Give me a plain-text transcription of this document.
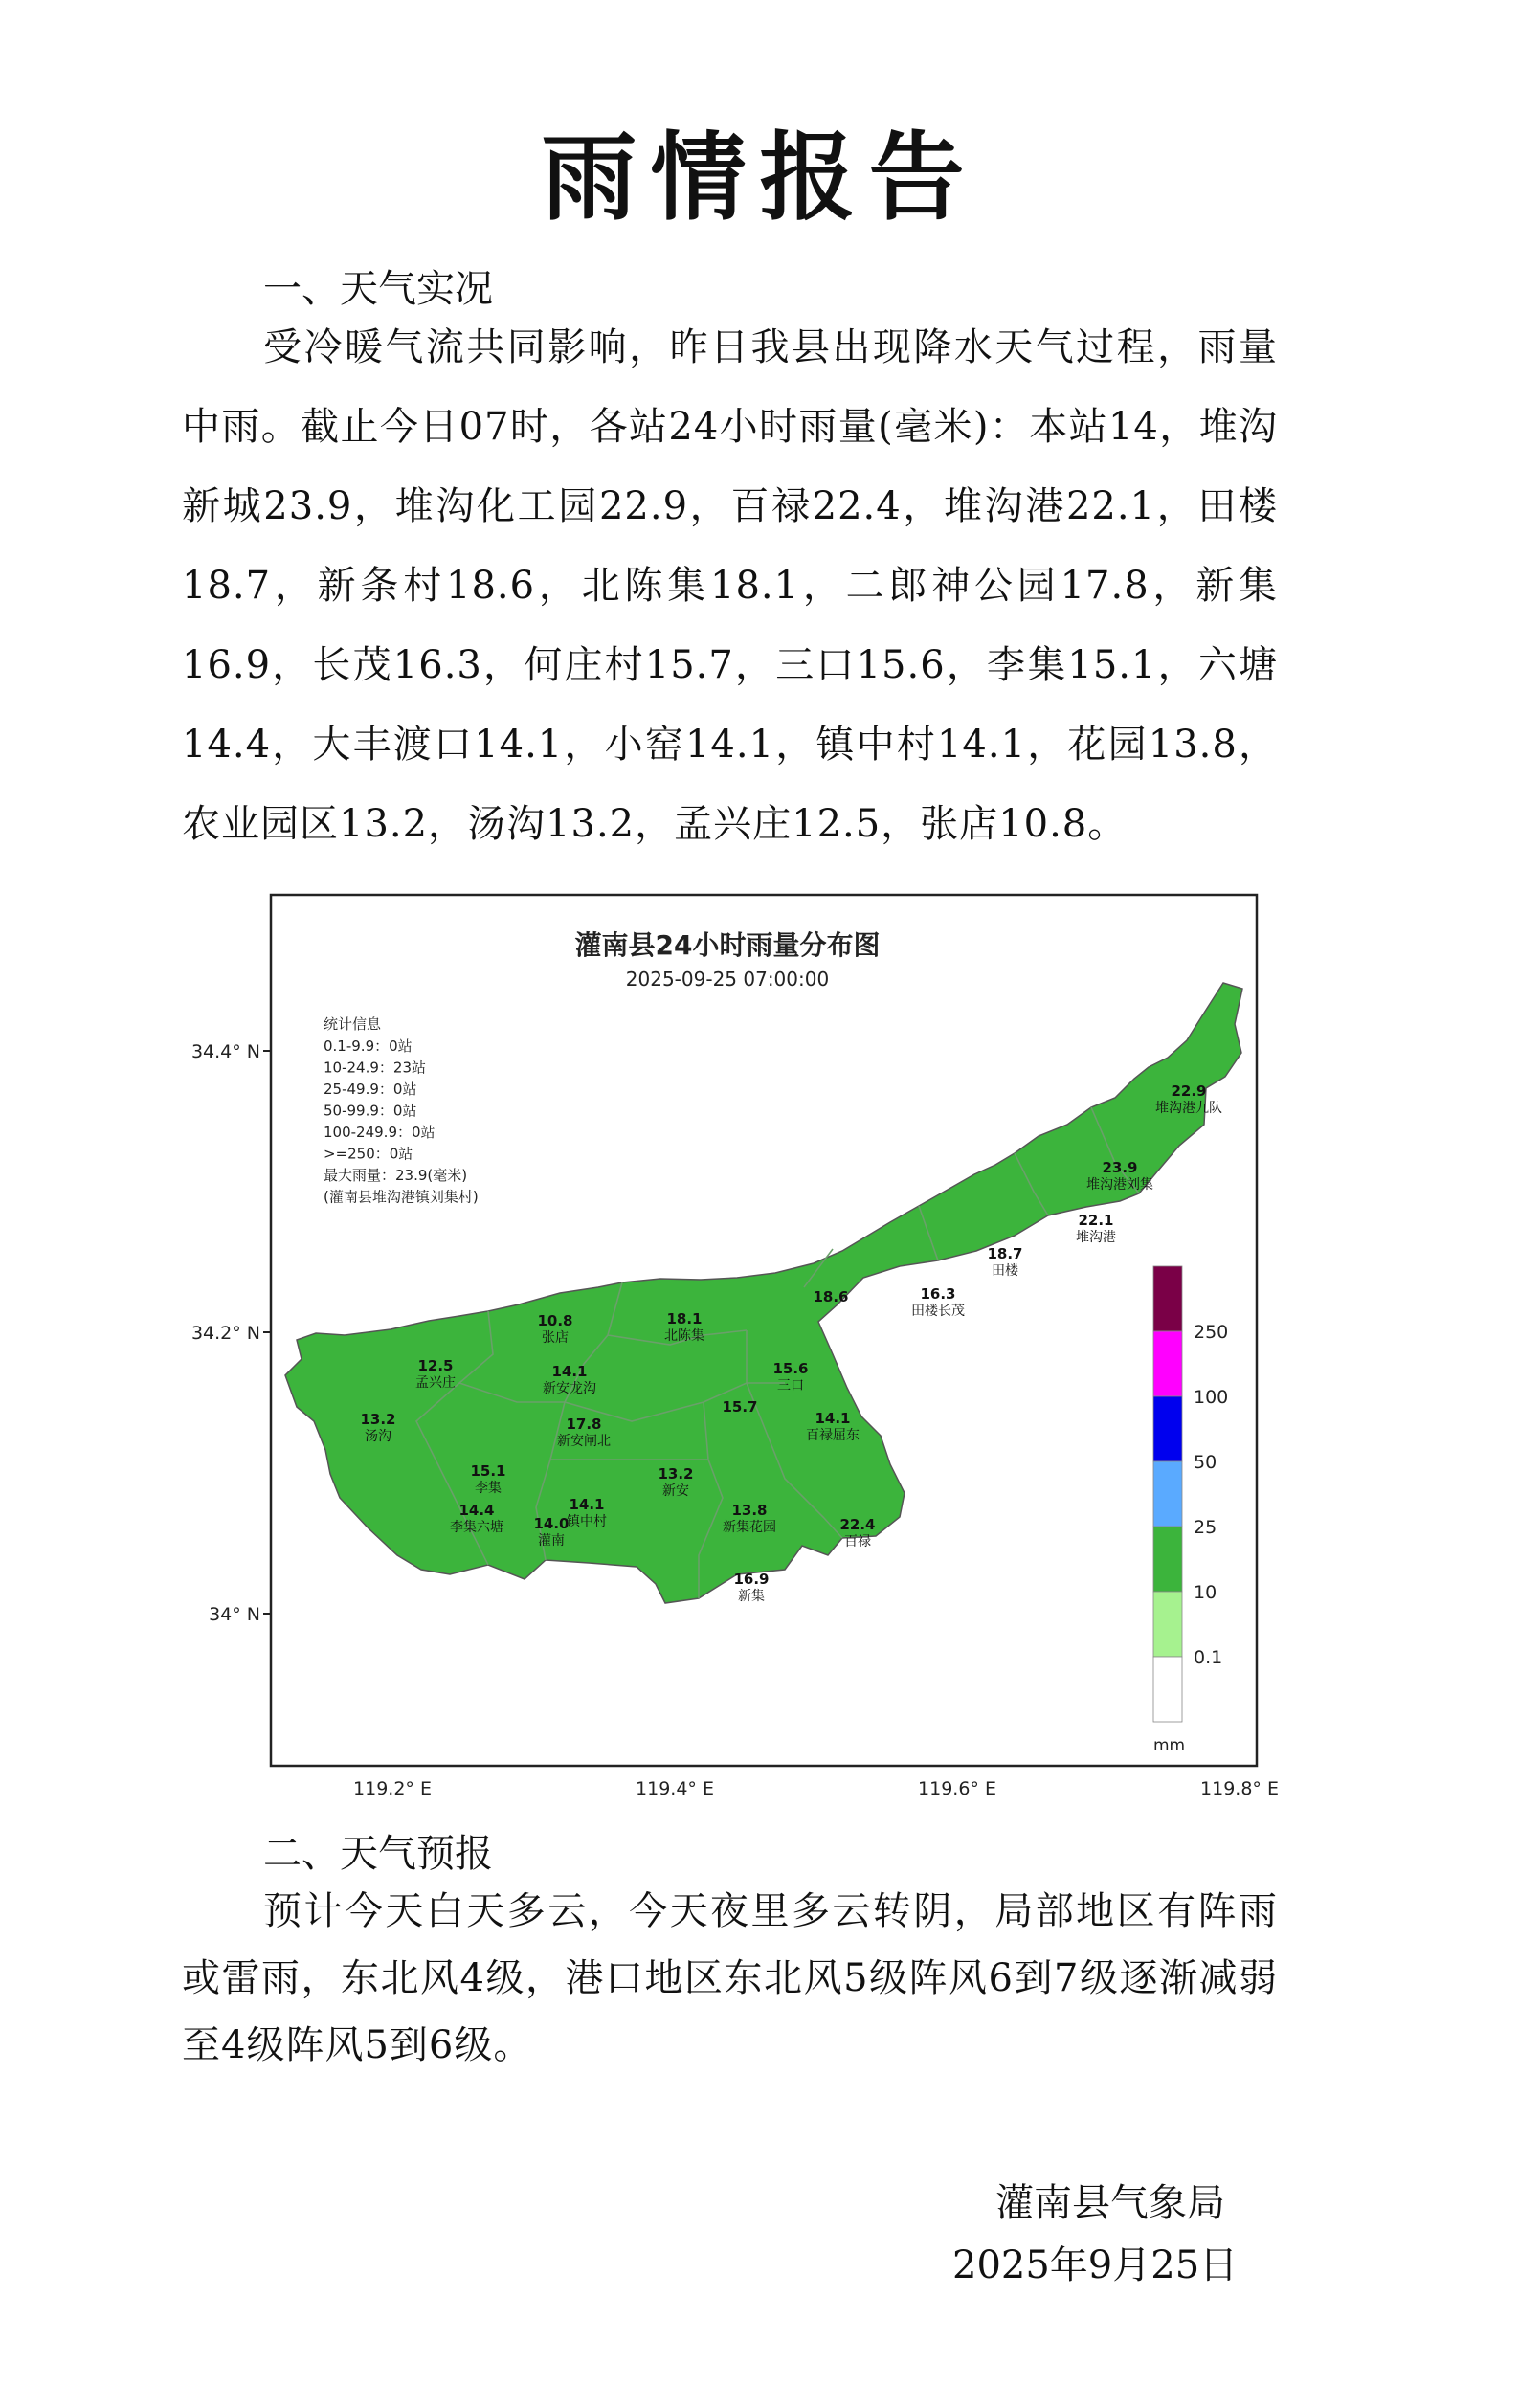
雨情报告
一、天气实况
受冷暖气流共同影响，昨日我县出现降水天气过程，雨量中雨。截止今日07时，各站24小时雨量(毫米)：本站14，堆沟新城23.9，堆沟化工园22.9，百禄22.4，堆沟港22.1，田楼18.7，新条村18.6，北陈集18.1，二郎神公园17.8，新集16.9，长茂16.3，何庄村15.7，三口15.6，李集15.1，六塘14.4，大丰渡口14.1，小窑14.1，镇中村14.1，花园13.8，农业园区13.2，汤沟13.2，孟兴庄12.5，张店10.8。
灌南县24小时雨量分布图
2025-09-25 07:00:00
统计信息
0.1-9.9：0站
10-24.9：23站
25-49.9：0站
50-99.9：0站
100-249.9：0站
>=250：0站
最大雨量：23.9(毫米)
(灌南县堆沟港镇刘集村)
34.4° N
34.2° N
34° N
119.2° E	119.4° E	119.6° E	119.8° E
22.9
堆沟港九队
23.9
堆沟港刘集
22.1
堆沟港
18.7
田楼
16.3
田楼长茂
18.6
18.1
北陈集
10.8
张店
12.5
孟兴庄
14.1
新安龙沟
17.8
新安闸北
13.2
汤沟
15.6
三口
15.7
14.1
百禄屈东
15.1
李集
14.4
李集六塘 14.0
灌南
14.1
镇中村
13.2
新安
13.8
新集花园	22.4
百禄
16.9
新集
250
100
50
25
10
0.1
mm
二、天气预报
预计今天白天多云，今天夜里多云转阴，局部地区有阵雨或雷雨，东北风4级，港口地区东北风5级阵风6到7级逐渐减弱至4级阵风5到6级。
灌南县气象局
2025年9月25日
